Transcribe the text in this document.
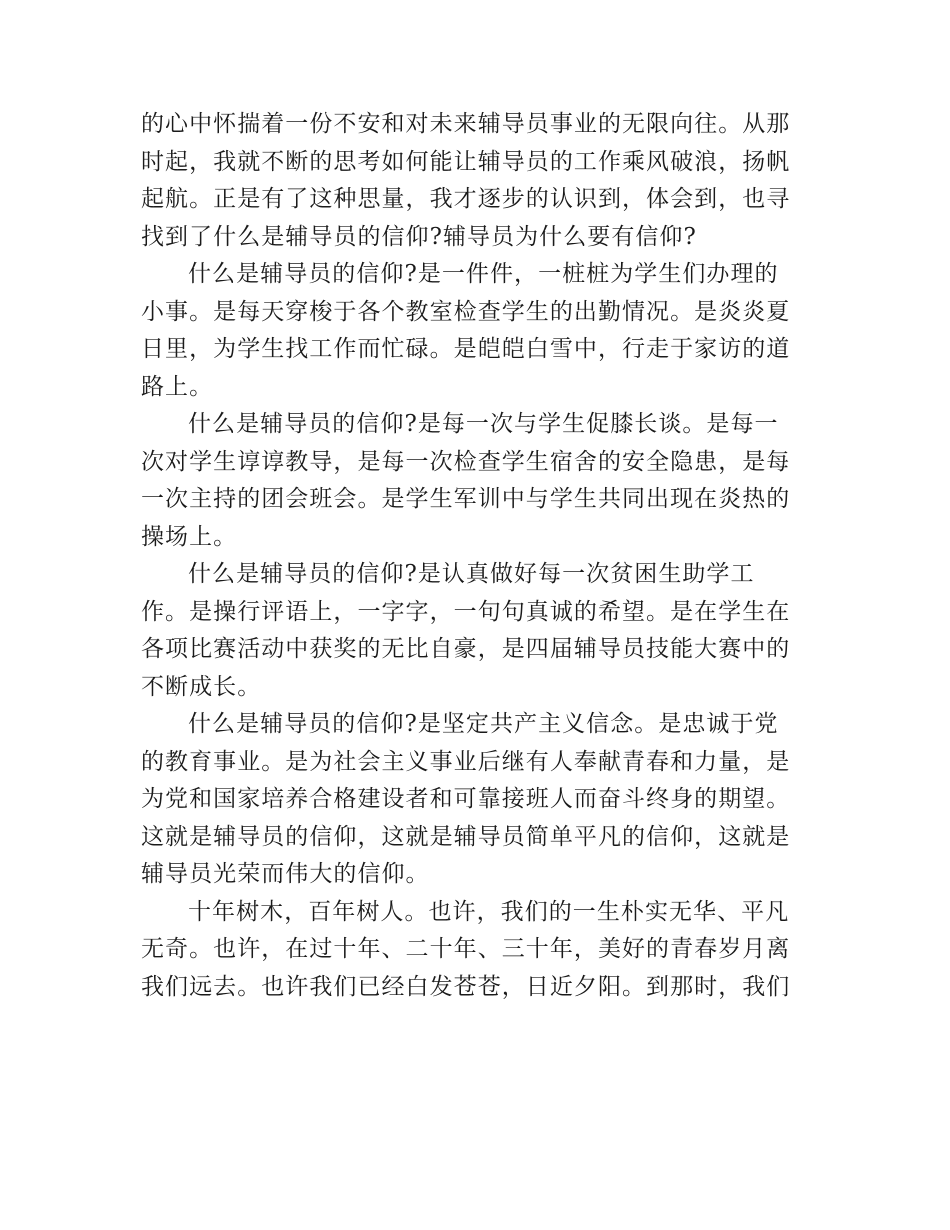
的心中怀揣着一份不安和对未来辅导员事业的无限向往。从那
时起，我就不断的思考如何能让辅导员的工作乘风破浪，扬帆
起航。正是有了这种思量，我才逐步的认识到，体会到，也寻
找到了什么是辅导员的信仰?辅导员为什么要有信仰?

什么是辅导员的信仰?是一件件，一桩桩为学生们办理的
小事。是每天穿梭于各个教室检查学生的出勤情况。是炎炎夏
日里，为学生找工作而忙碌。是皑皑白雪中，行走于家访的道
路上。

什么是辅导员的信仰?是每一次与学生促膝长谈。是每一
次对学生谆谆教导，是每一次检查学生宿舍的安全隐患，是每
一次主持的团会班会。是学生军训中与学生共同出现在炎热的
操场上。

什么是辅导员的信仰?是认真做好每一次贫困生助学工
作。是操行评语上，一字字，一句句真诚的希望。是在学生在
各项比赛活动中获奖的无比自豪，是四届辅导员技能大赛中的
不断成长。

什么是辅导员的信仰?是坚定共产主义信念。是忠诚于党
的教育事业。是为社会主义事业后继有人奉献青春和力量，是
为党和国家培养合格建设者和可靠接班人而奋斗终身的期望。
这就是辅导员的信仰，这就是辅导员简单平凡的信仰，这就是
辅导员光荣而伟大的信仰。

十年树木，百年树人。也许，我们的一生朴实无华、平凡
无奇。也许，在过十年、二十年、三十年，美好的青春岁月离
我们远去。也许我们已经白发苍苍，日近夕阳。到那时，我们
